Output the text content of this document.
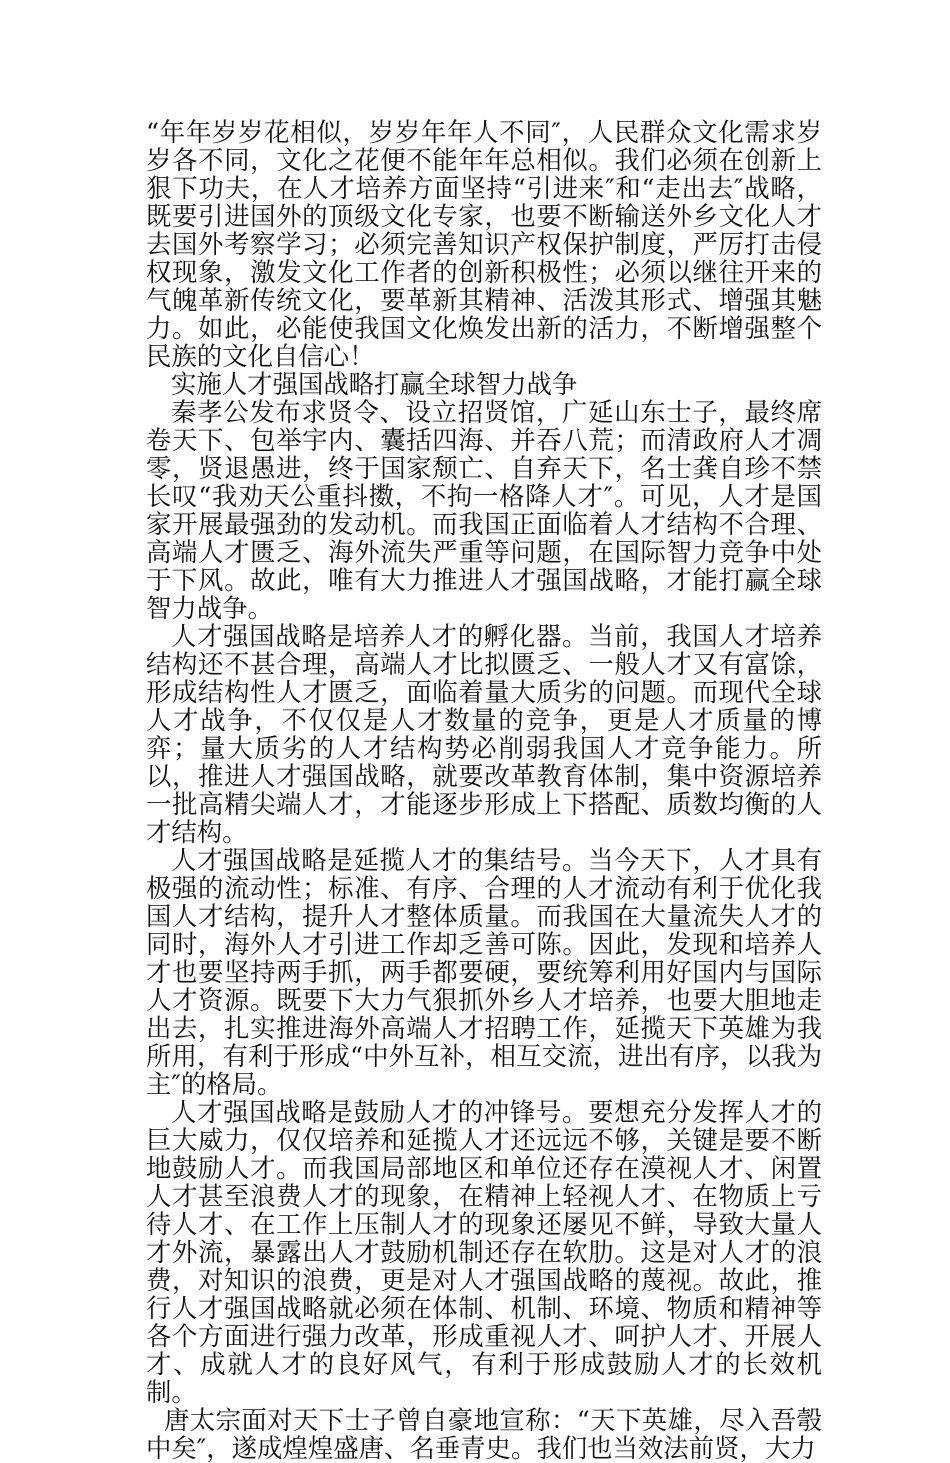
“年年岁岁花相似，岁岁年年人不同″，人民群众文化需求岁岁各不同，文化之花便不能年年总相似。我们必须在创新上狠下功夫，在人才培养方面坚持“引进来″和“走出去″战略，既要引进国外的顶级文化专家，也要不断输送外乡文化人才去国外考察学习；必须完善知识产权保护制度，严厉打击侵权现象，激发文化工作者的创新积极性；必须以继往开来的气魄革新传统文化，要革新其精神、活泼其形式、增强其魅力。如此，必能使我国文化焕发出新的活力，不断增强整个民族的文化自信心！

实施人才强国战略打赢全球智力战争

秦孝公发布求贤令、设立招贤馆，广延山东士子，最终席卷天下、包举宇内、囊括四海、并吞八荒；而清政府人才凋零，贤退愚进，终于国家颓亡、自弃天下，名士龚自珍不禁长叹“我劝天公重抖擞，不拘一格降人才″。可见，人才是国家开展最强劲的发动机。而我国正面临着人才结构不合理、高端人才匮乏、海外流失严重等问题，在国际智力竞争中处于下风。故此，唯有大力推进人才强国战略，才能打赢全球智力战争。

人才强国战略是培养人才的孵化器。当前，我国人才培养结构还不甚合理，高端人才比拟匮乏、一般人才又有富馀，形成结构性人才匮乏，面临着量大质劣的问题。而现代全球人才战争，不仅仅是人才数量的竞争，更是人才质量的博弈；量大质劣的人才结构势必削弱我国人才竞争能力。所以，推进人才强国战略，就要改革教育体制，集中资源培养一批高精尖端人才，才能逐步形成上下搭配、质数均衡的人才结构。

人才强国战略是延揽人才的集结号。当今天下，人才具有极强的流动性；标准、有序、合理的人才流动有利于优化我国人才结构，提升人才整体质量。而我国在大量流失人才的同时，海外人才引进工作却乏善可陈。因此，发现和培养人才也要坚持两手抓，两手都要硬，要统筹利用好国内与国际人才资源。既要下大力气狠抓外乡人才培养，也要大胆地走出去，扎实推进海外高端人才招聘工作，延揽天下英雄为我所用，有利于形成“中外互补，相互交流，进出有序，以我为主″的格局。

人才强国战略是鼓励人才的冲锋号。要想充分发挥人才的巨大威力，仅仅培养和延揽人才还远远不够，关键是要不断地鼓励人才。而我国局部地区和单位还存在漠视人才、闲置人才甚至浪费人才的现象，在精神上轻视人才、在物质上亏待人才、在工作上压制人才的现象还屡见不鲜，导致大量人才外流，暴露出人才鼓励机制还存在软肋。这是对人才的浪费，对知识的浪费，更是对人才强国战略的蔑视。故此，推行人才强国战略就必须在体制、机制、环境、物质和精神等各个方面进行强力改革，形成重视人才、呵护人才、开展人才、成就人才的良好风气，有利于形成鼓励人才的长效机制。

唐太宗面对天下士子曾自豪地宣称：“天下英雄，尽入吾彀中矣″，遂成煌煌盛唐、名垂青史。我们也当效法前贤，大力
